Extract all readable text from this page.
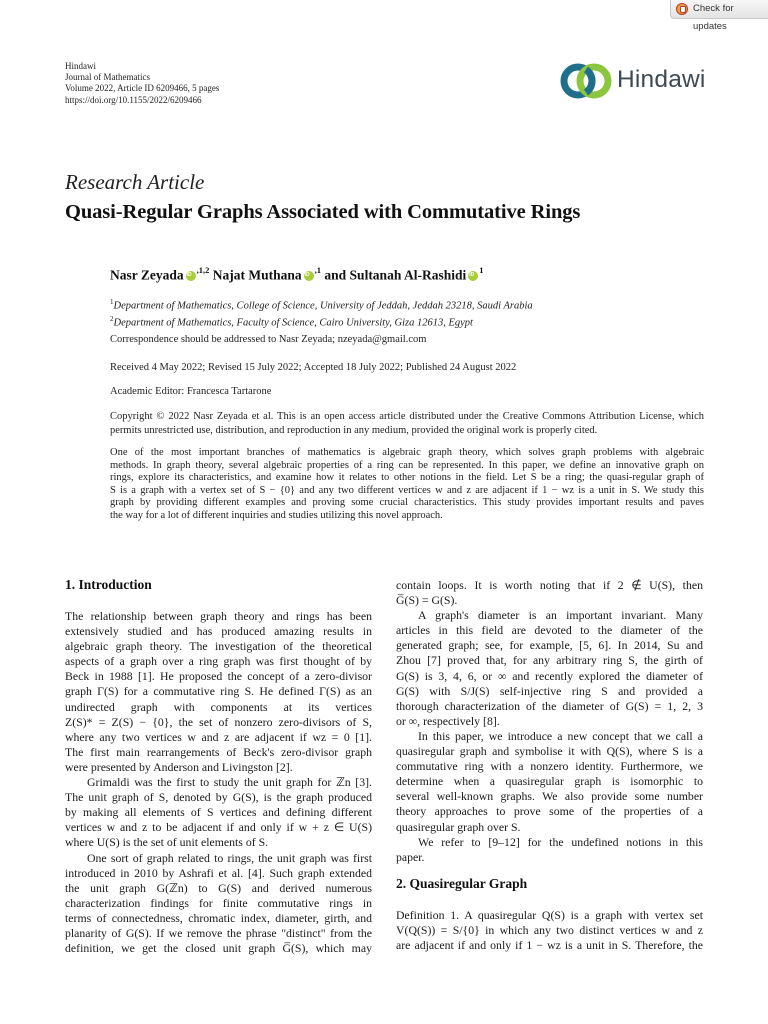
Check for updates
Hindawi
Journal of Mathematics
Volume 2022, Article ID 6209466, 5 pages
https://doi.org/10.1155/2022/6209466
Hindawi
Research Article
Quasi-Regular Graphs Associated with Commutative Rings
Nasr ZeyadaiD $^{,1,2}$ Najat MuthanaiD $^{,1}$ and Sultanah Al-RashidiiD $^1$
$^1$Department of Mathematics, College of Science, University of Jeddah, Jeddah 23218, Saudi Arabia
$^2$Department of Mathematics, Faculty of Science, Cairo University, Giza 12613, Egypt
Correspondence should be addressed to Nasr Zeyada; nzeyada@gmail.com
Received 4 May 2022; Revised 15 July 2022; Accepted 18 July 2022; Published 24 August 2022
Academic Editor: Francesca Tartarone
Copyright © 2022 Nasr Zeyada et al. This is an open access article distributed under the Creative Commons Attribution License, which permits unrestricted use, distribution, and reproduction in any medium, provided the original work is properly cited.
One of the most important branches of mathematics is algebraic graph theory, which solves graph problems with algebraic
methods. In graph theory, several algebraic properties of a ring can be represented. In this paper, we define an innovative graph on
rings, explore its characteristics, and examine how it relates to other notions in the field. Let S be a ring; the quasi-regular graph of
S is a graph with a vertex set of S − {0} and any two different vertices w and z are adjacent if 1 − wz is a unit in S. We study this
graph by providing different examples and proving some crucial characteristics. This study provides important results and paves
the way for a lot of different inquiries and studies utilizing this novel approach.
1. Introduction
The relationship between graph theory and rings has been
extensively studied and has produced amazing results in
algebraic graph theory. The investigation of the theoretical
aspects of a graph over a ring graph was first thought of by
Beck in 1988 [1]. He proposed the concept of a zero-divisor
graph Γ(S) for a commutative ring S. He defined Γ(S) as an
undirected graph with components at its vertices
Z(S)* = Z(S) − {0}, the set of nonzero zero-divisors of S,
where any two vertices w and z are adjacent if wz = 0 [1].
The first main rearrangements of Beck's zero-divisor graph
were presented by Anderson and Livingston [2].
Grimaldi was the first to study the unit graph for ℤn [3].
The unit graph of S, denoted by G(S), is the graph produced
by making all elements of S vertices and defining different
vertices w and z to be adjacent if and only if w + z ∈ U(S)
where U(S) is the set of unit elements of S.
One sort of graph related to rings, the unit graph was first
introduced in 2010 by Ashrafi et al. [4]. Such graph extended
the unit graph G(ℤn) to G(S) and derived numerous
characterization findings for finite commutative rings in
terms of connectedness, chromatic index, diameter, girth, and
planarity of G(S). If we remove the phrase "distinct" from the
definition, we get the closed unit graph G̅(S), which may
contain loops. It is worth noting that if 2 ∉ U(S), then
G̅(S) = G(S).
A graph's diameter is an important invariant. Many
articles in this field are devoted to the diameter of the
generated graph; see, for example, [5, 6]. In 2014, Su and
Zhou [7] proved that, for any arbitrary ring S, the girth of
G(S) is 3, 4, 6, or ∞ and recently explored the diameter of
G(S) with S/J(S) self-injective ring S and provided a
thorough characterization of the diameter of G(S) = 1, 2, 3
or ∞, respectively [8].
In this paper, we introduce a new concept that we call a
quasiregular graph and symbolise it with Q(S), where S is a
commutative ring with a nonzero identity. Furthermore, we
determine when a quasiregular graph is isomorphic to
several well-known graphs. We also provide some number
theory approaches to prove some of the properties of a
quasiregular graph over S.
We refer to [9–12] for the undefined notions in this
paper.
2. Quasiregular Graph
Definition 1. A quasiregular Q(S) is a graph with vertex set
V(Q(S)) = S/{0} in which any two distinct vertices w and z
are adjacent if and only if 1 − wz is a unit in S. Therefore, the
